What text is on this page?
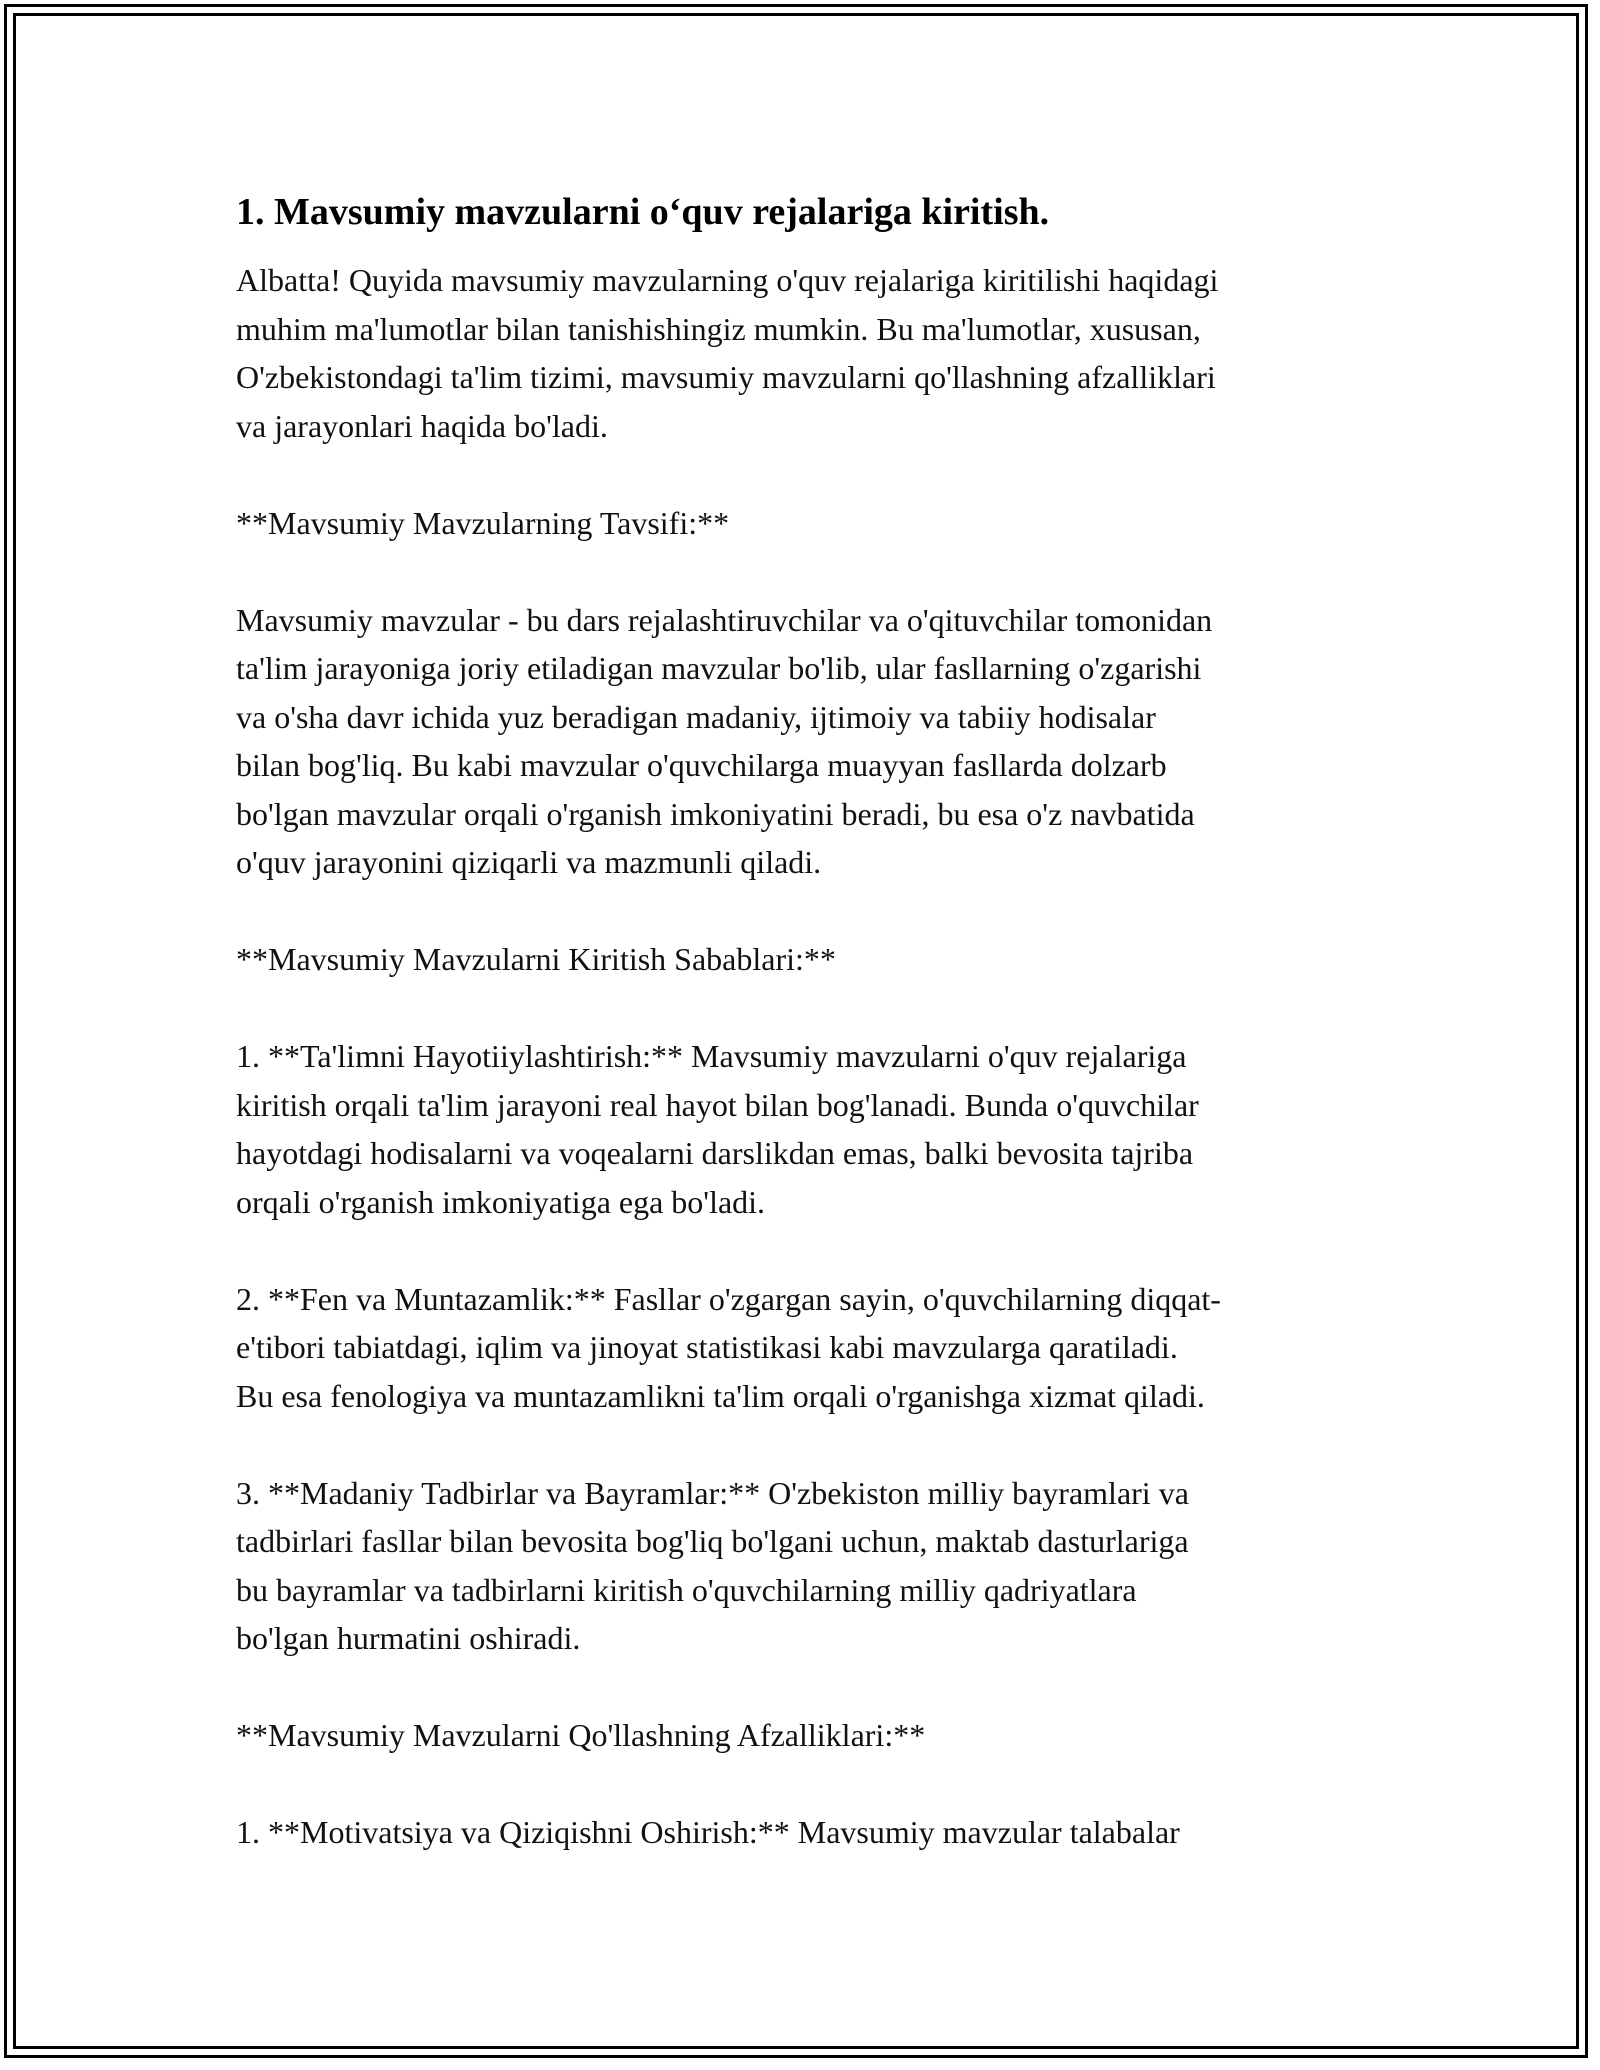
1. Mavsumiy mavzularni o‘quv rejalariga kiritish.

Albatta! Quyida mavsumiy mavzularning o'quv rejalariga kiritilishi haqidagi
muhim ma'lumotlar bilan tanishishingiz mumkin. Bu ma'lumotlar, xususan,
O'zbekistondagi ta'lim tizimi, mavsumiy mavzularni qo'llashning afzalliklari
va jarayonlari haqida bo'ladi.

**Mavsumiy Mavzularning Tavsifi:**

Mavsumiy mavzular - bu dars rejalashtiruvchilar va o'qituvchilar tomonidan
ta'lim jarayoniga joriy etiladigan mavzular bo'lib, ular fasllarning o'zgarishi
va o'sha davr ichida yuz beradigan madaniy, ijtimoiy va tabiiy hodisalar
bilan bog'liq. Bu kabi mavzular o'quvchilarga muayyan fasllarda dolzarb
bo'lgan mavzular orqali o'rganish imkoniyatini beradi, bu esa o'z navbatida
o'quv jarayonini qiziqarli va mazmunli qiladi.

**Mavsumiy Mavzularni Kiritish Sabablari:**

1. **Ta'limni Hayotiiylashtirish:** Mavsumiy mavzularni o'quv rejalariga
kiritish orqali ta'lim jarayoni real hayot bilan bog'lanadi. Bunda o'quvchilar
hayotdagi hodisalarni va voqealarni darslikdan emas, balki bevosita tajriba
orqali o'rganish imkoniyatiga ega bo'ladi.

2. **Fen va Muntazamlik:** Fasllar o'zgargan sayin, o'quvchilarning diqqat-
e'tibori tabiatdagi, iqlim va jinoyat statistikasi kabi mavzularga qaratiladi.
Bu esa fenologiya va muntazamlikni ta'lim orqali o'rganishga xizmat qiladi.

3. **Madaniy Tadbirlar va Bayramlar:** O'zbekiston milliy bayramlari va
tadbirlari fasllar bilan bevosita bog'liq bo'lgani uchun, maktab dasturlariga
bu bayramlar va tadbirlarni kiritish o'quvchilarning milliy qadriyatlara
bo'lgan hurmatini oshiradi.

**Mavsumiy Mavzularni Qo'llashning Afzalliklari:**

1. **Motivatsiya va Qiziqishni Oshirish:** Mavsumiy mavzular talabalar
